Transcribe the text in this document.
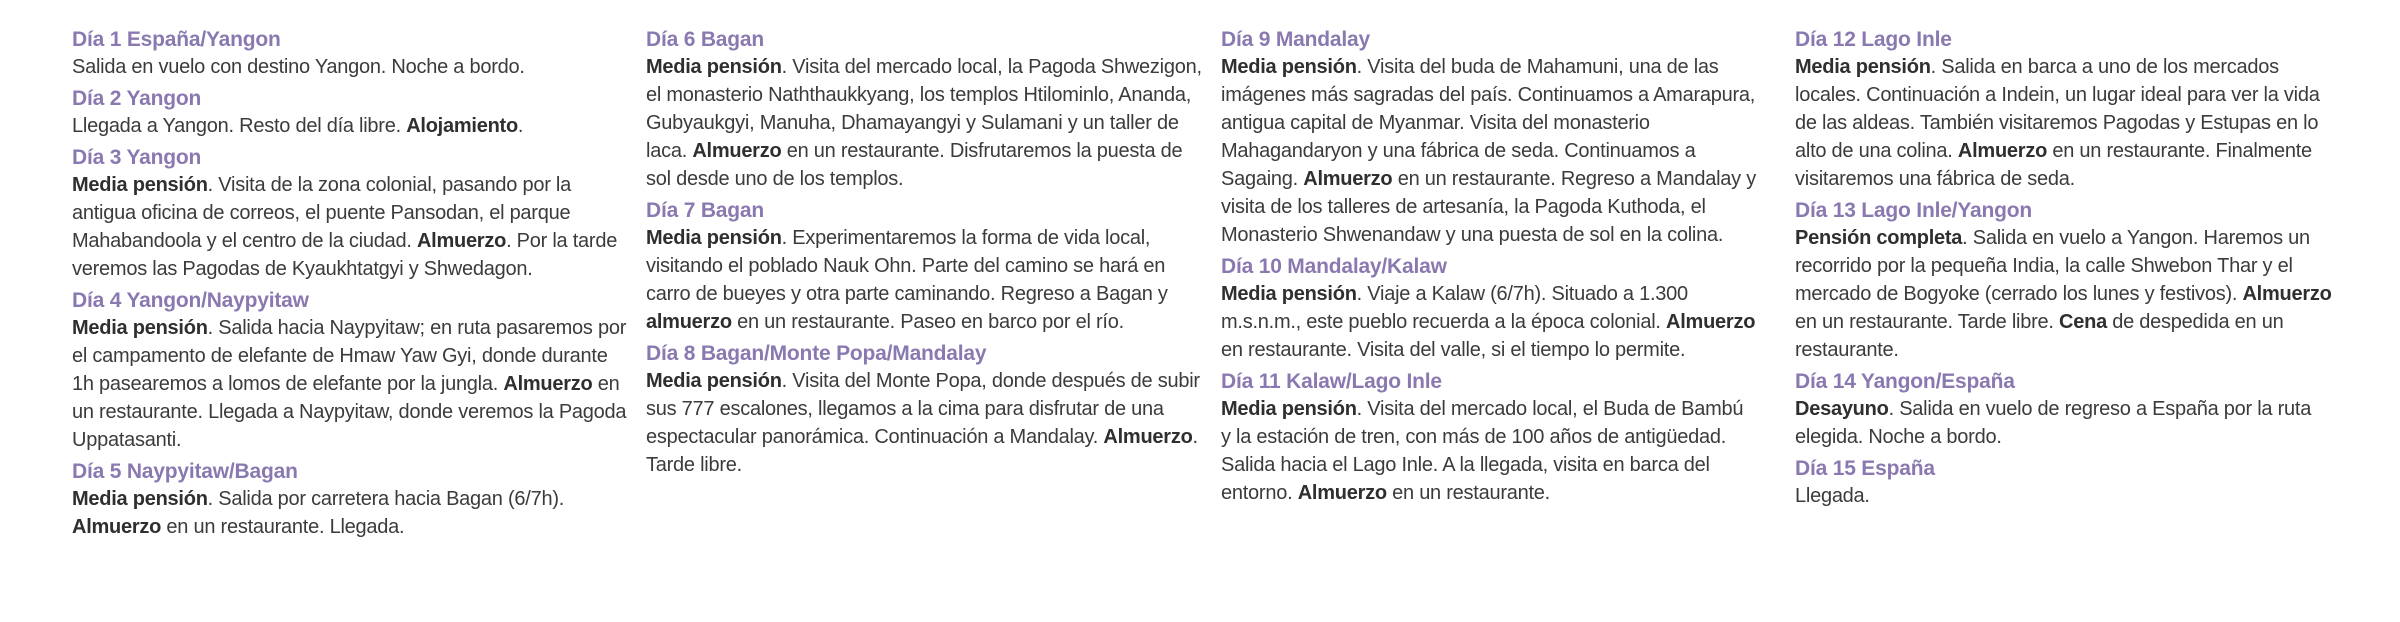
Día 1 España/Yangon
Salida en vuelo con destino Yangon. Noche a bordo.
Día 2 Yangon
Llegada a Yangon. Resto del día libre. Alojamiento.
Día 3 Yangon
Media pensión. Visita de la zona colonial, pasando por la antigua oficina de correos, el puente Pansodan, el parque Mahabandoola y el centro de la ciudad. Almuerzo. Por la tarde veremos las Pagodas de Kyaukhtatgyi y Shwedagon.
Día 4 Yangon/Naypyitaw
Media pensión. Salida hacia Naypyitaw; en ruta pasaremos por el campamento de elefante de Hmaw Yaw Gyi, donde durante 1h pasearemos a lomos de elefante por la jungla. Almuerzo en un restaurante. Llegada a Naypyitaw, donde veremos la Pagoda Uppatasanti.
Día 5 Naypyitaw/Bagan
Media pensión. Salida por carretera hacia Bagan (6/7h). Almuerzo en un restaurante. Llegada.
Día 6 Bagan
Media pensión. Visita del mercado local, la Pagoda Shwezigon, el monasterio Naththaukkyang, los templos Htilominlo, Ananda, Gubyaukgyi, Manuha, Dhamayangyi y Sulamani y un taller de laca. Almuerzo en un restaurante. Disfrutaremos la puesta de sol desde uno de los templos.
Día 7 Bagan
Media pensión. Experimentaremos la forma de vida local, visitando el poblado Nauk Ohn. Parte del camino se hará en carro de bueyes y otra parte caminando. Regreso a Bagan y almuerzo en un restaurante. Paseo en barco por el río.
Día 8 Bagan/Monte Popa/Mandalay
Media pensión. Visita del Monte Popa, donde después de subir sus 777 escalones, llegamos a la cima para disfrutar de una espectacular panorámica. Continuación a Mandalay. Almuerzo. Tarde libre.
Día 9 Mandalay
Media pensión. Visita del buda de Mahamuni, una de las imágenes más sagradas del país. Continuamos a Amarapura, antigua capital de Myanmar. Visita del monasterio Mahagandaryon y una fábrica de seda. Continuamos a Sagaing. Almuerzo en un restaurante. Regreso a Mandalay y visita de los talleres de artesanía, la Pagoda Kuthoda, el Monasterio Shwenandaw y una puesta de sol en la colina.
Día 10 Mandalay/Kalaw
Media pensión. Viaje a Kalaw (6/7h). Situado a 1.300 m.s.n.m., este pueblo recuerda a la época colonial. Almuerzo en restaurante. Visita del valle, si el tiempo lo permite.
Día 11 Kalaw/Lago Inle
Media pensión. Visita del mercado local, el Buda de Bambú y la estación de tren, con más de 100 años de antigüedad. Salida hacia el Lago Inle. A la llegada, visita en barca del entorno. Almuerzo en un restaurante.
Día 12 Lago Inle
Media pensión. Salida en barca a uno de los mercados locales. Continuación a Indein, un lugar ideal para ver la vida de las aldeas. También visitaremos Pagodas y Estupas en lo alto de una colina. Almuerzo en un restaurante. Finalmente visitaremos una fábrica de seda.
Día 13 Lago Inle/Yangon
Pensión completa. Salida en vuelo a Yangon. Haremos un recorrido por la pequeña India, la calle Shwebon Thar y el mercado de Bogyoke (cerrado los lunes y festivos). Almuerzo en un restaurante. Tarde libre. Cena de despedida en un restaurante.
Día 14 Yangon/España
Desayuno. Salida en vuelo de regreso a España por la ruta elegida. Noche a bordo.
Día 15 España
Llegada.
